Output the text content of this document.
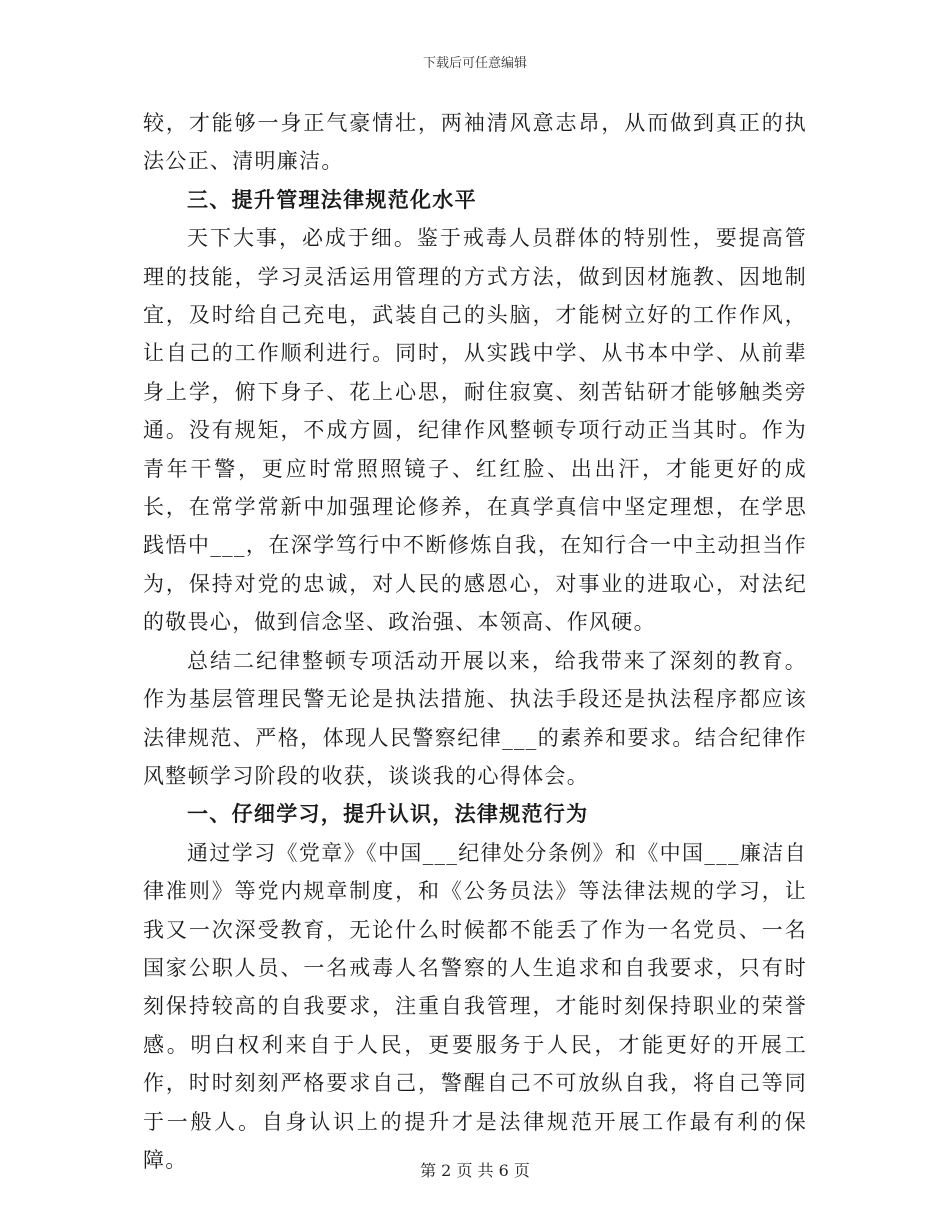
下载后可任意编辑

较，才能够一身正气豪情壮，两袖清风意志昂，从而做到真正的执法公正、清明廉洁。

三、提升管理法律规范化水平

天下大事，必成于细。鉴于戒毒人员群体的特别性，要提高管理的技能，学习灵活运用管理的方式方法，做到因材施教、因地制宜，及时给自己充电，武装自己的头脑，才能树立好的工作作风，让自己的工作顺利进行。同时，从实践中学、从书本中学、从前辈身上学，俯下身子、花上心思，耐住寂寞、刻苦钻研才能够触类旁通。没有规矩，不成方圆，纪律作风整顿专项行动正当其时。作为青年干警，更应时常照照镜子、红红脸、出出汗，才能更好的成长，在常学常新中加强理论修养，在真学真信中坚定理想，在学思践悟中___，在深学笃行中不断修炼自我，在知行合一中主动担当作为，保持对党的忠诚，对人民的感恩心，对事业的进取心，对法纪的敬畏心，做到信念坚、政治强、本领高、作风硬。

总结二纪律整顿专项活动开展以来，给我带来了深刻的教育。作为基层管理民警无论是执法措施、执法手段还是执法程序都应该法律规范、严格，体现人民警察纪律___的素养和要求。结合纪律作风整顿学习阶段的收获，谈谈我的心得体会。

一、仔细学习，提升认识，法律规范行为

通过学习《党章》《中国___纪律处分条例》和《中国___廉洁自律准则》等党内规章制度，和《公务员法》等法律法规的学习，让我又一次深受教育，无论什么时候都不能丢了作为一名党员、一名国家公职人员、一名戒毒人名警察的人生追求和自我要求，只有时刻保持较高的自我要求，注重自我管理，才能时刻保持职业的荣誉感。明白权利来自于人民，更要服务于人民，才能更好的开展工作，时时刻刻严格要求自己，警醒自己不可放纵自我，将自己等同于一般人。自身认识上的提升才是法律规范开展工作最有利的保障。	第 2 页 共 6 页
